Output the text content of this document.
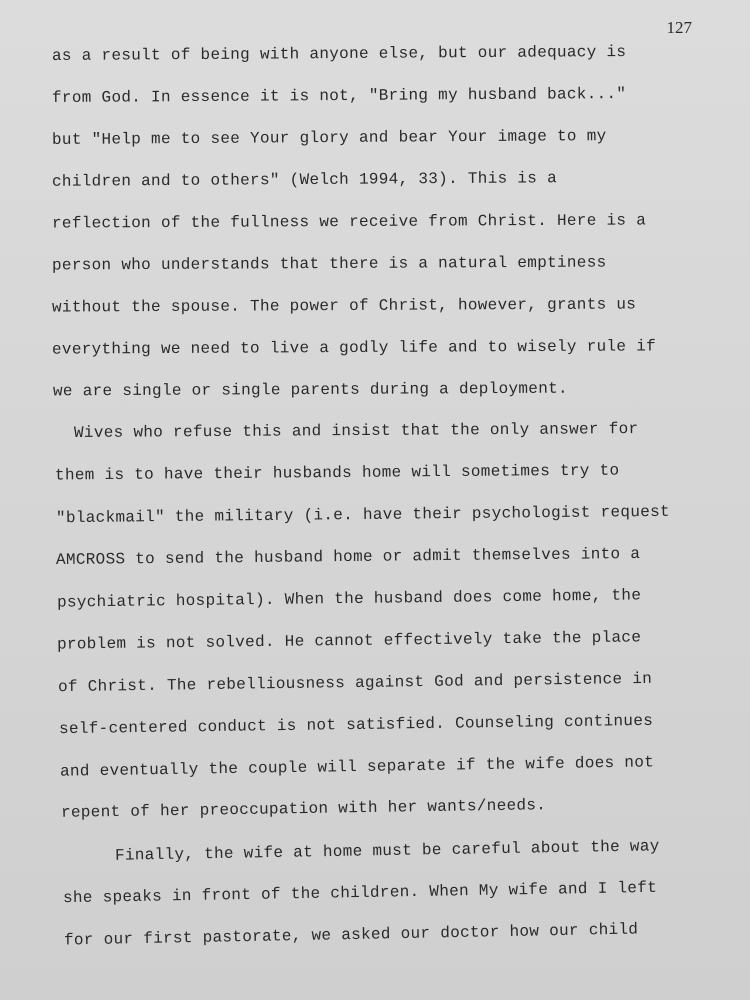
127
as a result of being with anyone else, but our adequacy is
from God. In essence it is not, "Bring my husband back..."
but "Help me to see Your glory and bear Your image to my
children and to others" (Welch 1994, 33). This is a
reflection of the fullness we receive from Christ. Here is a
person who understands that there is a natural emptiness
without the spouse. The power of Christ, however, grants us
everything we need to live a godly life and to wisely rule if
we are single or single parents during a deployment.
Wives who refuse this and insist that the only answer for
them is to have their husbands home will sometimes try to
"blackmail" the military (i.e. have their psychologist request
AMCROSS to send the husband home or admit themselves into a
psychiatric hospital). When the husband does come home, the
problem is not solved. He cannot effectively take the place
of Christ. The rebelliousness against God and persistence in
self-centered conduct is not satisfied. Counseling continues
and eventually the couple will separate if the wife does not
repent of her preoccupation with her wants/needs.
Finally, the wife at home must be careful about the way
she speaks in front of the children. When My wife and I left
for our first pastorate, we asked our doctor how our child
